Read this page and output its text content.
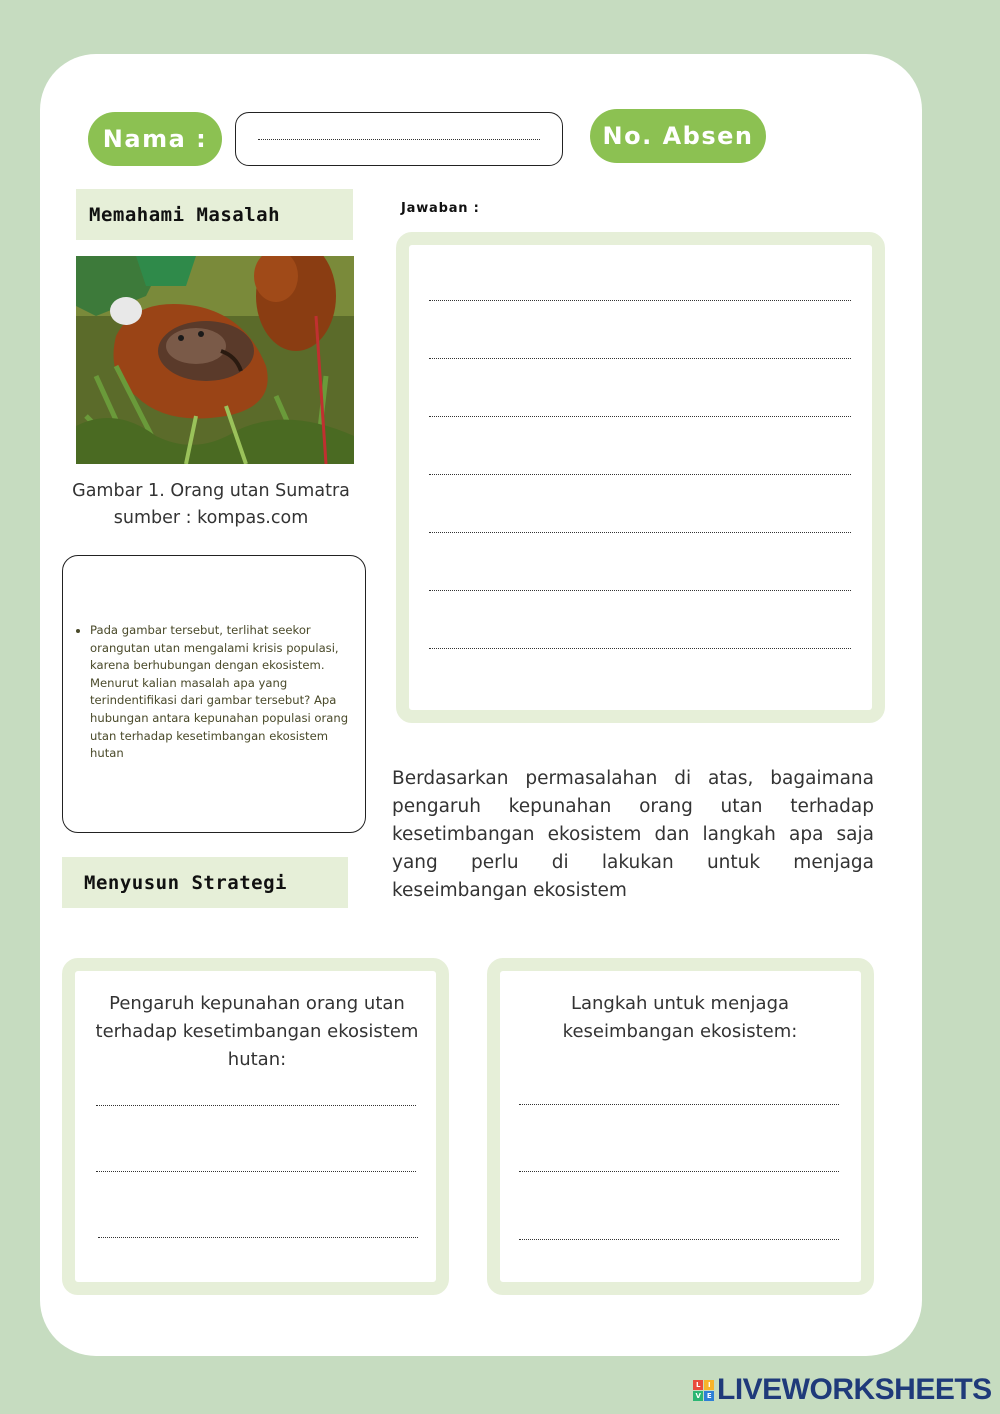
Nama :	No. Absen
Memahami Masalah
Gambar 1. Orang utan Sumatra
sumber : kompas.com
• Pada gambar tersebut, terlihat seekor orangutan utan mengalami krisis populasi, karena berhubungan dengan ekosistem. Menurut kalian masalah apa yang terindentifikasi dari gambar tersebut? Apa hubungan antara kepunahan populasi orang utan terhadap kesetimbangan ekosistem hutan
Jawaban :
Berdasarkan permasalahan di atas, bagaimana pengaruh kepunahan orang utan terhadap kesetimbangan ekosistem dan langkah apa saja yang perlu di lakukan untuk menjaga keseimbangan ekosistem
Menyusun Strategi
Pengaruh kepunahan orang utan terhadap kesetimbangan ekosistem hutan:
Langkah untuk menjaga keseimbangan ekosistem:
L	I
V E LIVEWORKSHEETS
